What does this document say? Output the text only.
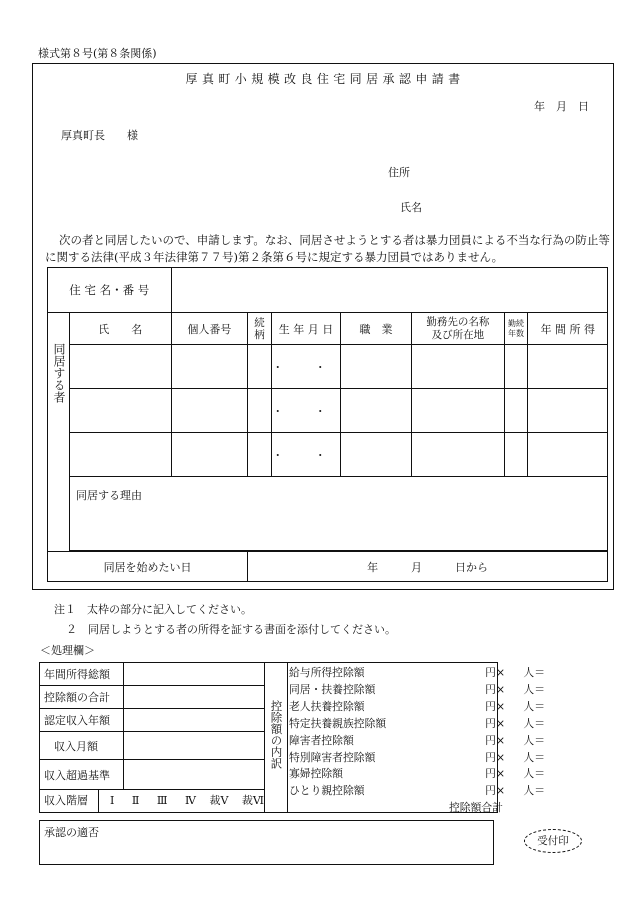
様式第８号(第８条関係)
厚 真 町 小 規 模 改 良 住 宅 同 居 承 認 申 請 書
年　月　日
厚真町長　　様
住所
氏名
次の者と同居したいので、申請します。なお、同居させようとする者は暴力団員による不当な行為の防止等に関する法律(平成３年法律第７７号)第２条第６号に規定する暴力団員ではありません。
住 宅 名・番 号								
同居する者	氏　　名	個人番号	続柄	生 年 月 日	職　業	勤務先の名称及び所在地	勤続年数	年 間 所 得
				・ ・				
				・ ・				
				・ ・				
	同居する理由							

同居を始めたい日			年　　　月　　　日から					
注１　太枠の部分に記入してください。
２　同居しようとする者の所得を証する書面を添付してください。
＜処理欄＞
年間所得総額		控除額の内訳	
控除額の合計			
認定収入年額			
収入月額			
収入超過基準			
収入階層 Ⅰ Ⅱ Ⅲ Ⅳ 裁Ⅴ 裁Ⅵ			
給与所得控除額	円×	人＝
同居・扶養控除額	円×	人＝
老人扶養控除額	円×	人＝
特定扶養親族控除額	円×	人＝
障害者控除額	円×	人＝
特別障害者控除額	円×	人＝
寡婦控除額	円×	人＝
ひとり親控除額	円×	人＝
控除額合計
承認の適否
受付印
